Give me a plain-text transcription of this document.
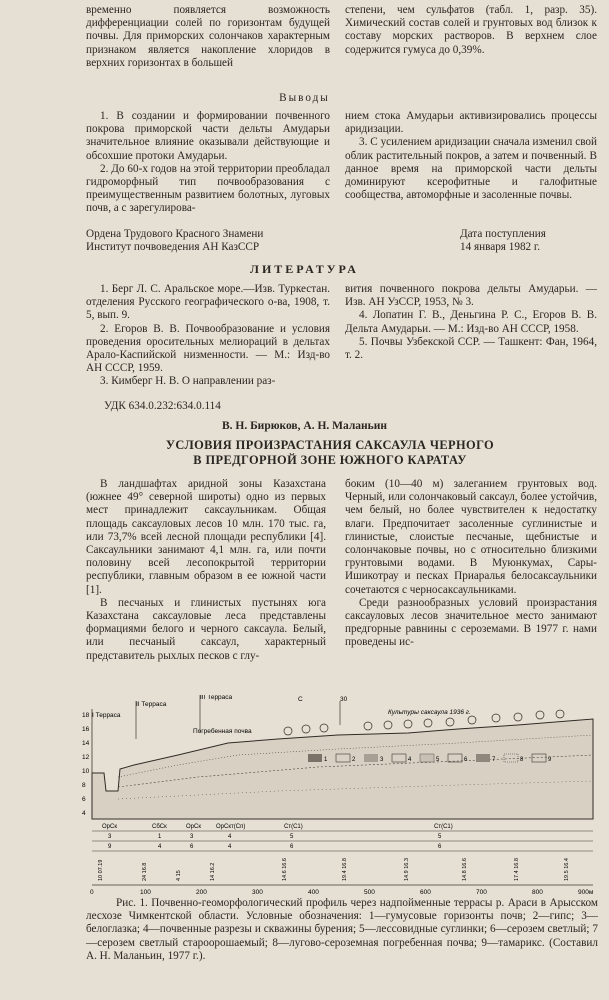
временно появляется возможность дифференциации солей по горизонтам будущей почвы. Для приморских солончаков характерным признаком является накопление хлоридов в верхних горизонтах в большей

степени, чем сульфатов (табл. 1, разр. 35). Химический состав солей и грунтовых вод близок к составу морских растворов. В верхнем слое содержится гумуса до 0,39%.

Выводы

1. В создании и формировании почвенного покрова приморской части дельты Амударьи значительное влияние оказывали действующие и обсохшие протоки Амударьи.

2. До 60-х годов на этой территории преобладал гидроморфный тип почвообразования с преимущественным развитием болотных, луговых почв, а с зарегулирова-

нием стока Амударьи активизировались процессы аридизации.

3. С усилением аридизации сначала изменил свой облик растительный покров, а затем и почвенный. В данное время на приморской части дельты доминируют ксерофитные и галофитные сообщества, автоморфные и засоленные почвы.

Ордена Трудового Красного Знамени
Институт почвоведения АН КазССР
Дата поступления
14 января 1982 г.
ЛИТЕРАТУРА

1. Берг Л. С. Аральское море.—Изв. Туркестан. отделения Русского географического о-ва, 1908, т. 5, вып. 9.

2. Егоров В. В. Почвообразование и условия проведения оросительных мелиораций в дельтах Арало-Каспийской низменности. — М.: Изд-во АН СССР, 1959.

3. Кимберг Н. В. О направлении раз-

вития почвенного покрова дельты Амударьи. — Изв. АН УзССР, 1953, № 3.

4. Лопатин Г. В., Деньгина Р. С., Егоров В. В. Дельта Амударьи. — М.: Изд-во АН СССР, 1958.

5. Почвы Узбекской ССР. — Ташкент: Фан, 1964, т. 2.

УДК 634.0.232:634.0.114
В. Н. Бирюков, А. Н. Маланьин
УСЛОВИЯ ПРОИЗРАСТАНИЯ САКСАУЛА ЧЕРНОГО
В ПРЕДГОРНОЙ ЗОНЕ ЮЖНОГО КАРАТАУ

В ландшафтах аридной зоны Казахстана (южнее 49° северной широты) одно из первых мест принадлежит саксаульникам. Общая площадь саксауловых лесов 10 млн. 170 тыс. га, или 73,7% всей лесной площади республики [4]. Саксаульники занимают 4,1 млн. га, или почти половину всей лесопокрытой территории республики, главным образом в ее южной части [1].

В песчаных и глинистых пустынях юга Казахстана саксауловые леса представлены формациями белого и черного саксаула. Белый, или песчаный саксаул, характерный представитель рыхлых песков с глу-

боким (10—40 м) залеганием грунтовых вод. Черный, или солончаковый саксаул, более устойчив, чем белый, но более чувствителен к недостатку влаги. Предпочитает засоленные суглинистые и глинистые, слоистые песчаные, щебнистые и солончаковые почвы, но с относительно близкими грунтовыми водами. В Муюнкумах, Сары-Ишикотрау и песках Приаралья белосаксаульники сочетаются с черносаксаульниками.

Среди разнообразных условий произрастания саксауловых лесов значительное место занимают предгорные равнины с сероземами. В 1977 г. нами проведены ис-

18
16
14
12
10
8
6
4
I Терраса
II Терраса
III Терраса	С	30
Погребенная почва
Культуры саксаула 1936 г.
1	2	3	4	5	6	7	8	9
OpCк	СбСк	OpСк	OpСкт(Сп)	Ст(С1)	Ст(С1)
3	1	3	4	5	5
9	4	6	4	6	6
10 07.19	24 16.8	4 15	14 16.2	14.6 16.6	19.4 16.8	14.9 16.3	14.8 16.6	17.4 16.8	19.5 16.4
0	100	200	300	400	500	600	700	800	900м

Рис. 1. Почвенно-геоморфологический профиль через надпойменные террасы р. Араси в Арысском лесхозе Чимкентской области. Условные обозначения: 1—гумусовые горизонты почв; 2—гипс; 3—белоглазка; 4—почвенные разрезы и скважины бурения; 5—лессовидные суглинки; 6—серозем светлый; 7—серозем светлый староорошаемый; 8—лугово-сероземная погребенная почва; 9—тамарикс. (Составил А. Н. Маланьин, 1977 г.).
